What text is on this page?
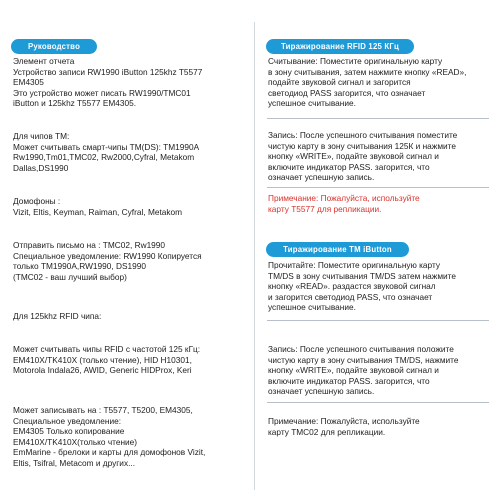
Руководство

Элемент отчета
Устройство записи RW1990 iButton 125khz T5577
EM4305
Это устройство может писать RW1990/TMC01
iButton и 125khz T5577 EM4305.

Для чипов ТМ:
Может считывать смарт-чипы TM(DS): TM1990A
Rw1990,Tm01,TMC02, Rw2000,Cyfral, Metakom
Dallas,DS1990

Домофоны :
Vizit, Eltis, Keyman, Raiman, Cyfral, Metakom

Отправить письмо на : TMC02, Rw1990
Специальное уведомление: RW1990 Копируется
только TM1990A,RW1990, DS1990
(TMC02 - ваш лучший выбор)

Для 125khz RFID чипа:

Может считывать чипы RFID с частотой 125 кГц:
EM410X/TK410X (только чтение), HID H10301,
Motorola Indala26, AWID, Generic HIDProx, Keri

Может записывать на : T5577, T5200, EM4305,
Специальное уведомление:
EM4305 Только копирование
EM410X/TK410X(только чтение)
EmMarine - брелоки и карты для домофонов Vizit,
Eltis, Tsifral, Metacom и других...

Тиражирование RFID 125 КГц

Считывание: Поместите оригинальную карту
в зону считывания, затем нажмите кнопку «READ»,
подайте звуковой сигнал и загорится
светодиод PASS загорится, что означает
успешное считывание.

Запись: После успешного считывания поместите
чистую карту в зону считывания 125К и нажмите
кнопку «WRITE», подайте звуковой сигнал и
включите индикатор PASS. загорится, что
означает успешную запись.

Примечание: Пожалуйста, используйте
карту T5577 для репликации.

Тиражирование TM iButton

Прочитайте: Поместите оригинальную карту
TM/DS в зону считывания TM/DS затем нажмите
кнопку «READ». раздастся звуковой сигнал
и загорится светодиод PASS, что означает
успешное считывание.

Запись: После успешного считывания положите
чистую карту в зону считывания TM/DS, нажмите
кнопку «WRITE», подайте звуковой сигнал и
включите индикатор PASS. загорится, что
означает успешную запись.

Примечание: Пожалуйста, используйте
карту TMC02 для репликации.
